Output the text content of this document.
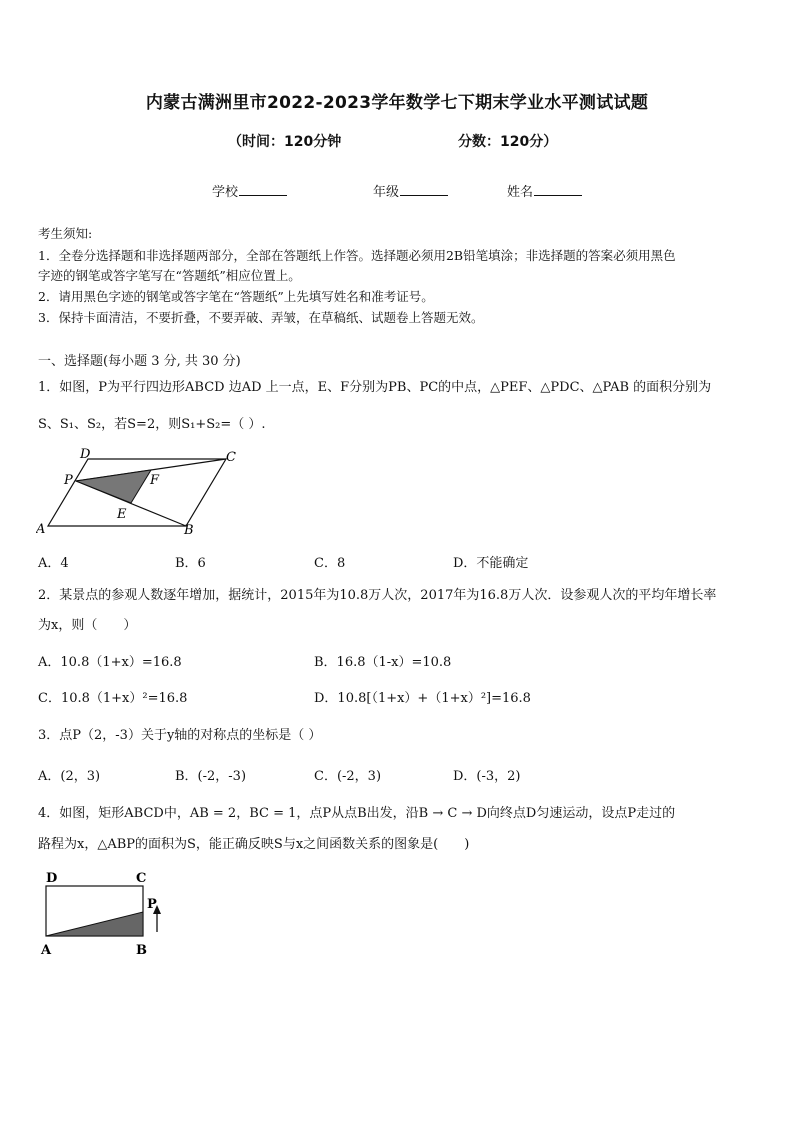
内蒙古满洲里市2022-2023学年数学七下期末学业水平测试试题
（时间：120分钟	分数：120分）
学校	年级	姓名
考生须知:
1．全卷分选择题和非选择题两部分，全部在答题纸上作答。选择题必须用2B铅笔填涂；非选择题的答案必须用黑色
字迹的钢笔或答字笔写在“答题纸”相应位置上。
2．请用黑色字迹的钢笔或答字笔在“答题纸”上先填写姓名和准考证号。
3．保持卡面清洁，不要折叠，不要弄破、弄皱，在草稿纸、试题卷上答题无效。
一、选择题(每小题 3 分, 共 30 分)
1．如图，P为平行四边形ABCD 边AD 上一点，E、F分别为PB、PC的中点，△PEF、△PDC、△PAB 的面积分别为
S、S₁、S₂，若S=2，则S₁+S₂=（ ）.
A	B
C
D
P
E
F
A．4	B．6	C．8	D．不能确定
2．某景点的参观人数逐年增加，据统计，2015年为10.8万人次，2017年为16.8万人次．设参观人次的平均年增长率
为x，则（　　）
A．10.8（1+x）=16.8	B．16.8（1-x）=10.8
C．10.8（1+x）²=16.8	D．10.8[（1+x）+（1+x）²]=16.8
3．点P（2，-3）关于y轴的对称点的坐标是（ ）
A．(2，3)	B．(-2，-3)	C．(-2，3)	D．(-3，2)
4．如图，矩形ABCD中，AB = 2，BC = 1，点P从点B出发，沿B → C → D向终点D匀速运动，设点P走过的
路程为x，△ABP的面积为S，能正确反映S与x之间函数关系的图象是(　　)
D	C
P
A	B
